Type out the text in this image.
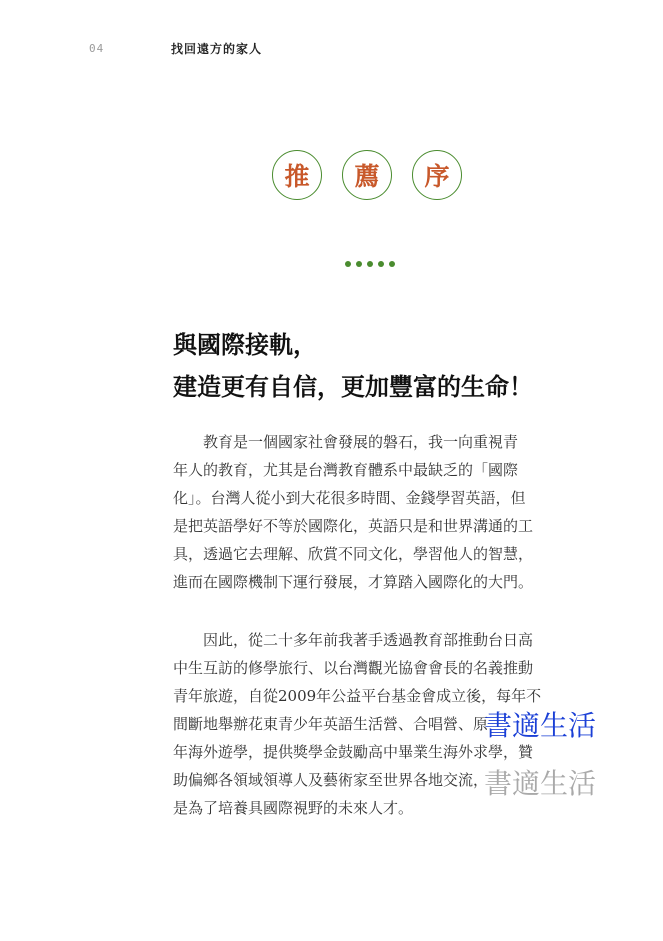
04	找回遠方的家人
推	薦	序
與國際接軌，
建造更有自信，更加豐富的生命！

　　教育是一個國家社會發展的磐石，我一向重視青
年人的教育，尤其是台灣教育體系中最缺乏的「國際
化」。台灣人從小到大花很多時間、金錢學習英語，但
是把英語學好不等於國際化，英語只是和世界溝通的工
具，透過它去理解、欣賞不同文化，學習他人的智慧，
進而在國際機制下運行發展，才算踏入國際化的大門。

　　因此，從二十多年前我著手透過教育部推動台日高
中生互訪的修學旅行、以台灣觀光協會會長的名義推動
青年旅遊，自從2009年公益平台基金會成立後，每年不
間斷地舉辦花東青少年英語生活營、合唱營、原
年海外遊學，提供獎學金鼓勵高中畢業生海外求學，贊
助偏鄉各領域領導人及藝術家至世界各地交流，
是為了培養具國際視野的未來人才。

書適生活
書適生活
